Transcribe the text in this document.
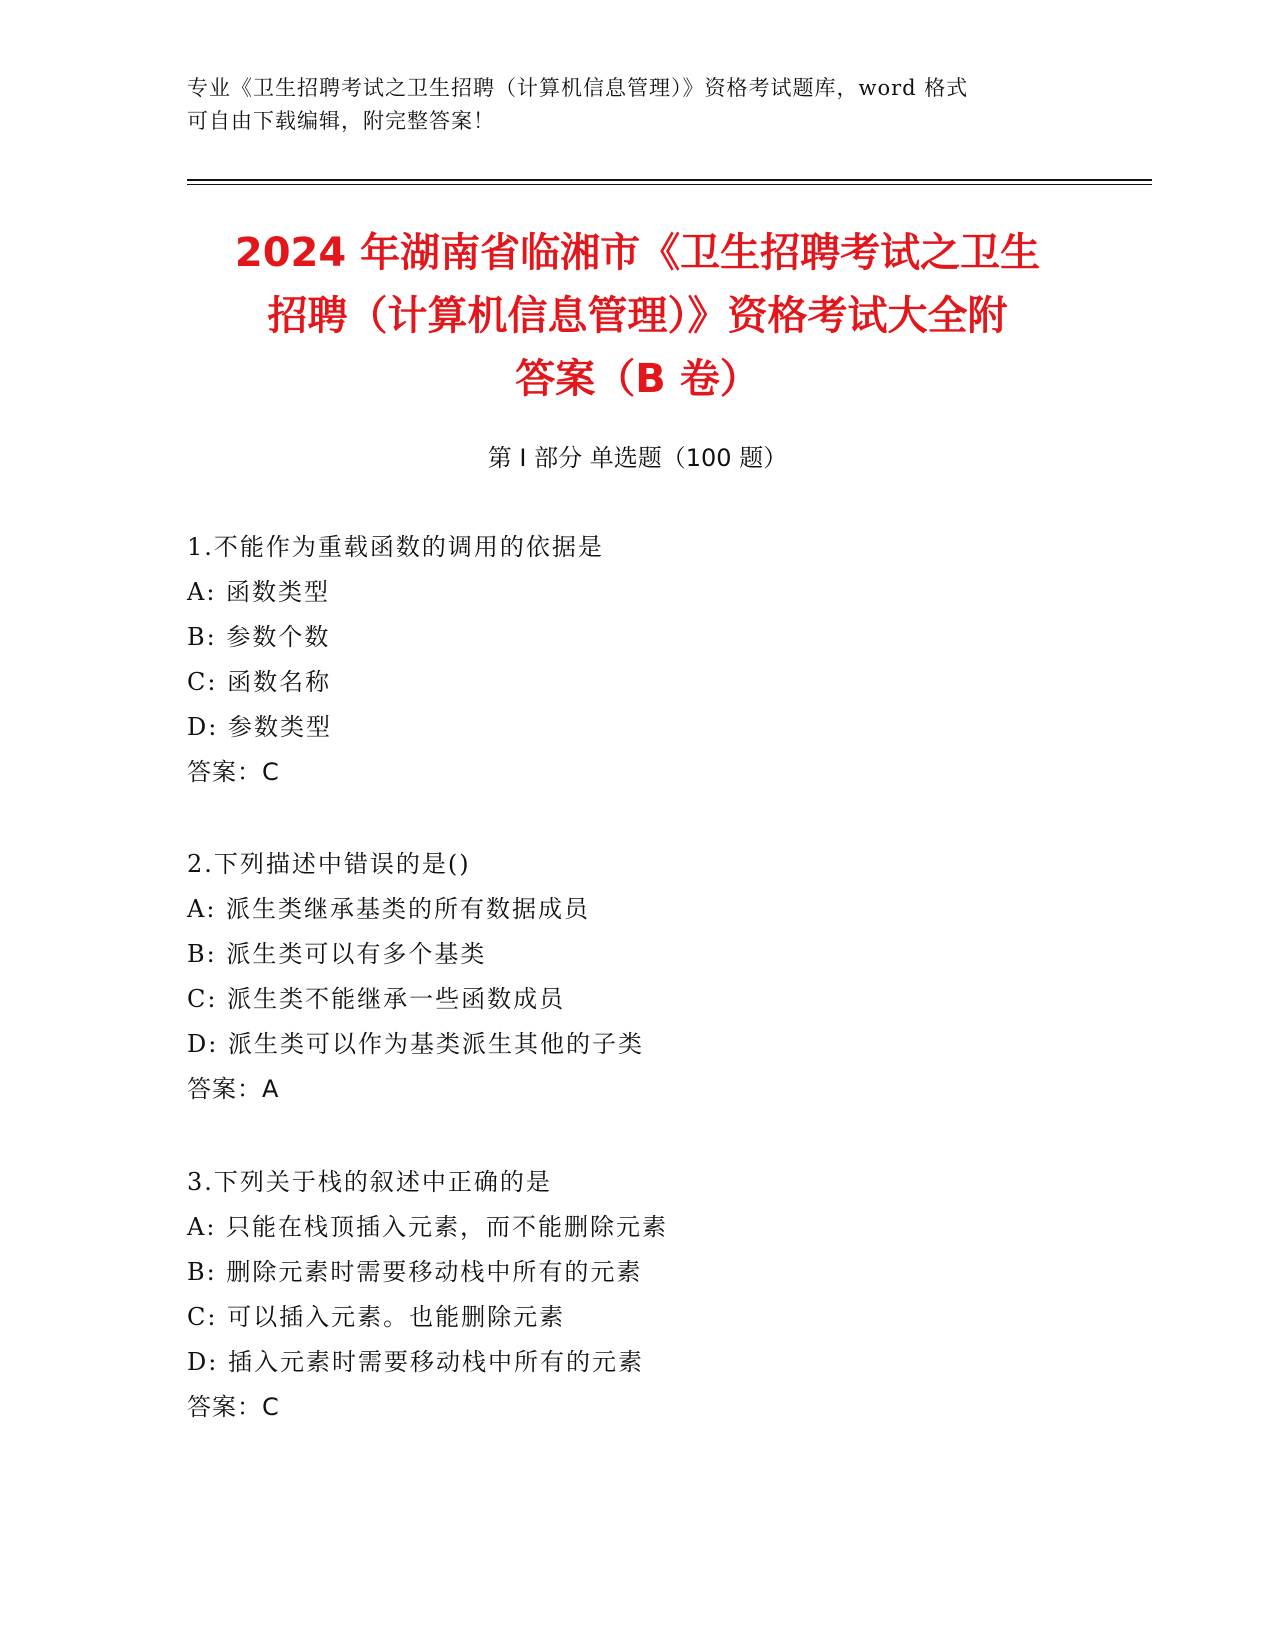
专业《卫生招聘考试之卫生招聘（计算机信息管理）》资格考试题库，word 格式
可自由下载编辑，附完整答案！
2024 年湖南省临湘市《卫生招聘考试之卫生
招聘（计算机信息管理）》资格考试大全附
答案（B 卷）
第 I 部分 单选题（100 题）
1.不能作为重载函数的调用的依据是
A: 函数类型
B: 参数个数
C: 函数名称
D: 参数类型
答案：C
2.下列描述中错误的是()
A: 派生类继承基类的所有数据成员
B: 派生类可以有多个基类
C: 派生类不能继承一些函数成员
D: 派生类可以作为基类派生其他的子类
答案：A
3.下列关于栈的叙述中正确的是
A: 只能在栈顶插入元素，而不能删除元素
B: 删除元素时需要移动栈中所有的元素
C: 可以插入元素。也能删除元素
D: 插入元素时需要移动栈中所有的元素
答案：C
